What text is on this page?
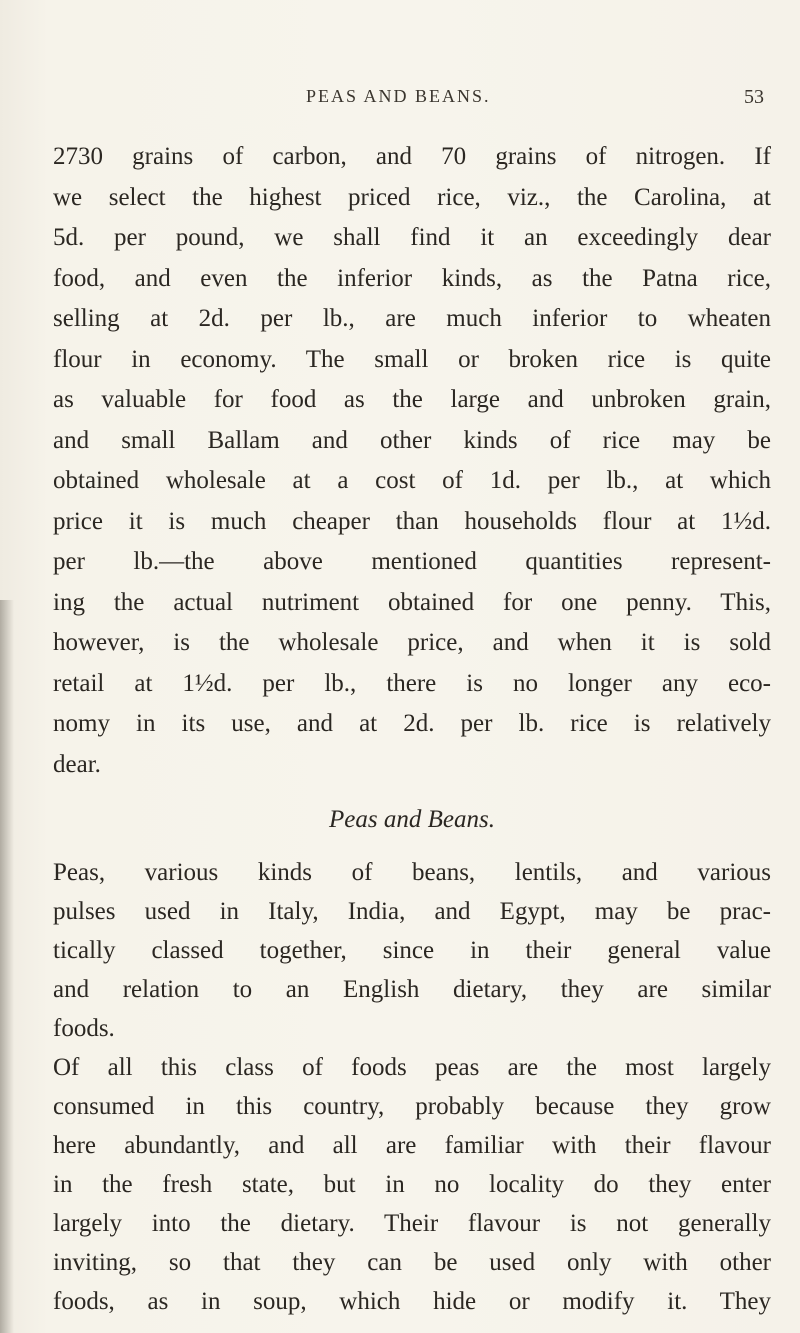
PEAS AND BEANS.	53
2730 grains of carbon, and 70 grains of nitrogen. If
we select the highest priced rice, viz., the Carolina, at
5d. per pound, we shall find it an exceedingly dear
food, and even the inferior kinds, as the Patna rice,
selling at 2d. per lb., are much inferior to wheaten
flour in economy. The small or broken rice is quite
as valuable for food as the large and unbroken grain,
and small Ballam and other kinds of rice may be
obtained wholesale at a cost of 1d. per lb., at which
price it is much cheaper than households flour at 1½d.
per lb.—the above mentioned quantities represent-
ing the actual nutriment obtained for one penny. This,
however, is the wholesale price, and when it is sold
retail at 1½d. per lb., there is no longer any eco-
nomy in its use, and at 2d. per lb. rice is relatively
dear.
Peas and Beans.
Peas, various kinds of beans, lentils, and various
pulses used in Italy, India, and Egypt, may be prac-
tically classed together, since in their general value
and relation to an English dietary, they are similar
foods.
Of all this class of foods peas are the most largely
consumed in this country, probably because they grow
here abundantly, and all are familiar with their flavour
in the fresh state, but in no locality do they enter
largely into the dietary. Their flavour is not generally
inviting, so that they can be used only with other
foods, as in soup, which hide or modify it. They
